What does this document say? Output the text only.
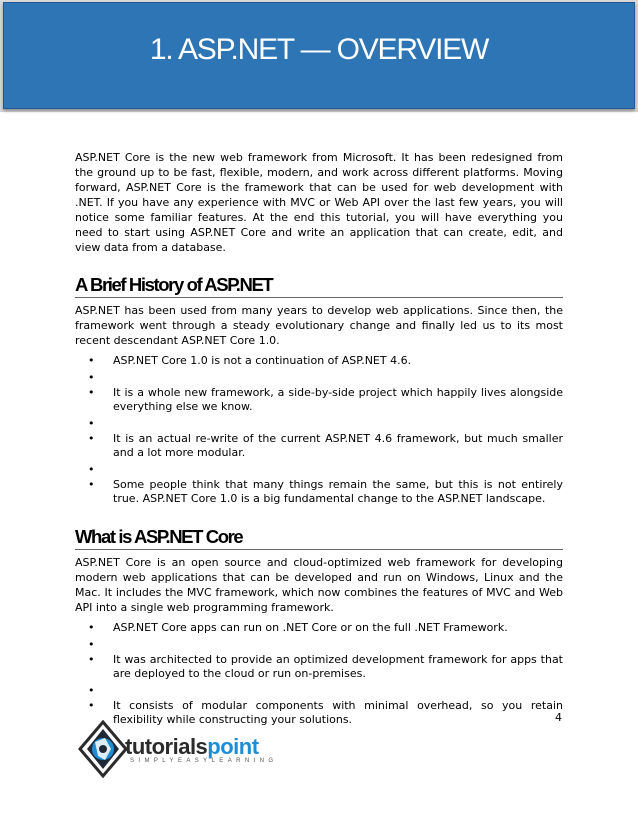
1. ASP.NET — OVERVIEW

ASP.NET Core is the new web framework from Microsoft. It has been redesigned from the ground up to be fast, flexible, modern, and work across different platforms. Moving forward, ASP.NET Core is the framework that can be used for web development with .NET. If you have any experience with MVC or Web API over the last few years, you will notice some familiar features. At the end this tutorial, you will have everything you need to start using ASP.NET Core and write an application that can create, edit, and view data from a database.

A Brief History of ASP.NET

ASP.NET has been used from many years to develop web applications. Since then, the framework went through a steady evolutionary change and finally led us to its most recent descendant ASP.NET Core 1.0.

• ASP.NET Core 1.0 is not a continuation of ASP.NET 4.6.
•
• It is a whole new framework, a side-by-side project which happily lives alongside everything else we know.
•
• It is an actual re-write of the current ASP.NET 4.6 framework, but much smaller and a lot more modular.
•
• Some people think that many things remain the same, but this is not entirely true. ASP.NET Core 1.0 is a big fundamental change to the ASP.NET landscape.
What is ASP.NET Core

ASP.NET Core is an open source and cloud-optimized web framework for developing modern web applications that can be developed and run on Windows, Linux and the Mac. It includes the MVC framework, which now combines the features of MVC and Web API into a single web programming framework.

• ASP.NET Core apps can run on .NET Core or on the full .NET Framework.
•
• It was architected to provide an optimized development framework for apps that are deployed to the cloud or run on-premises.
•
• It consists of modular components with minimal overhead, so you retain flexibility while constructing your solutions.	4
tutorialspoint
SIMPLYEASYLEARNING
